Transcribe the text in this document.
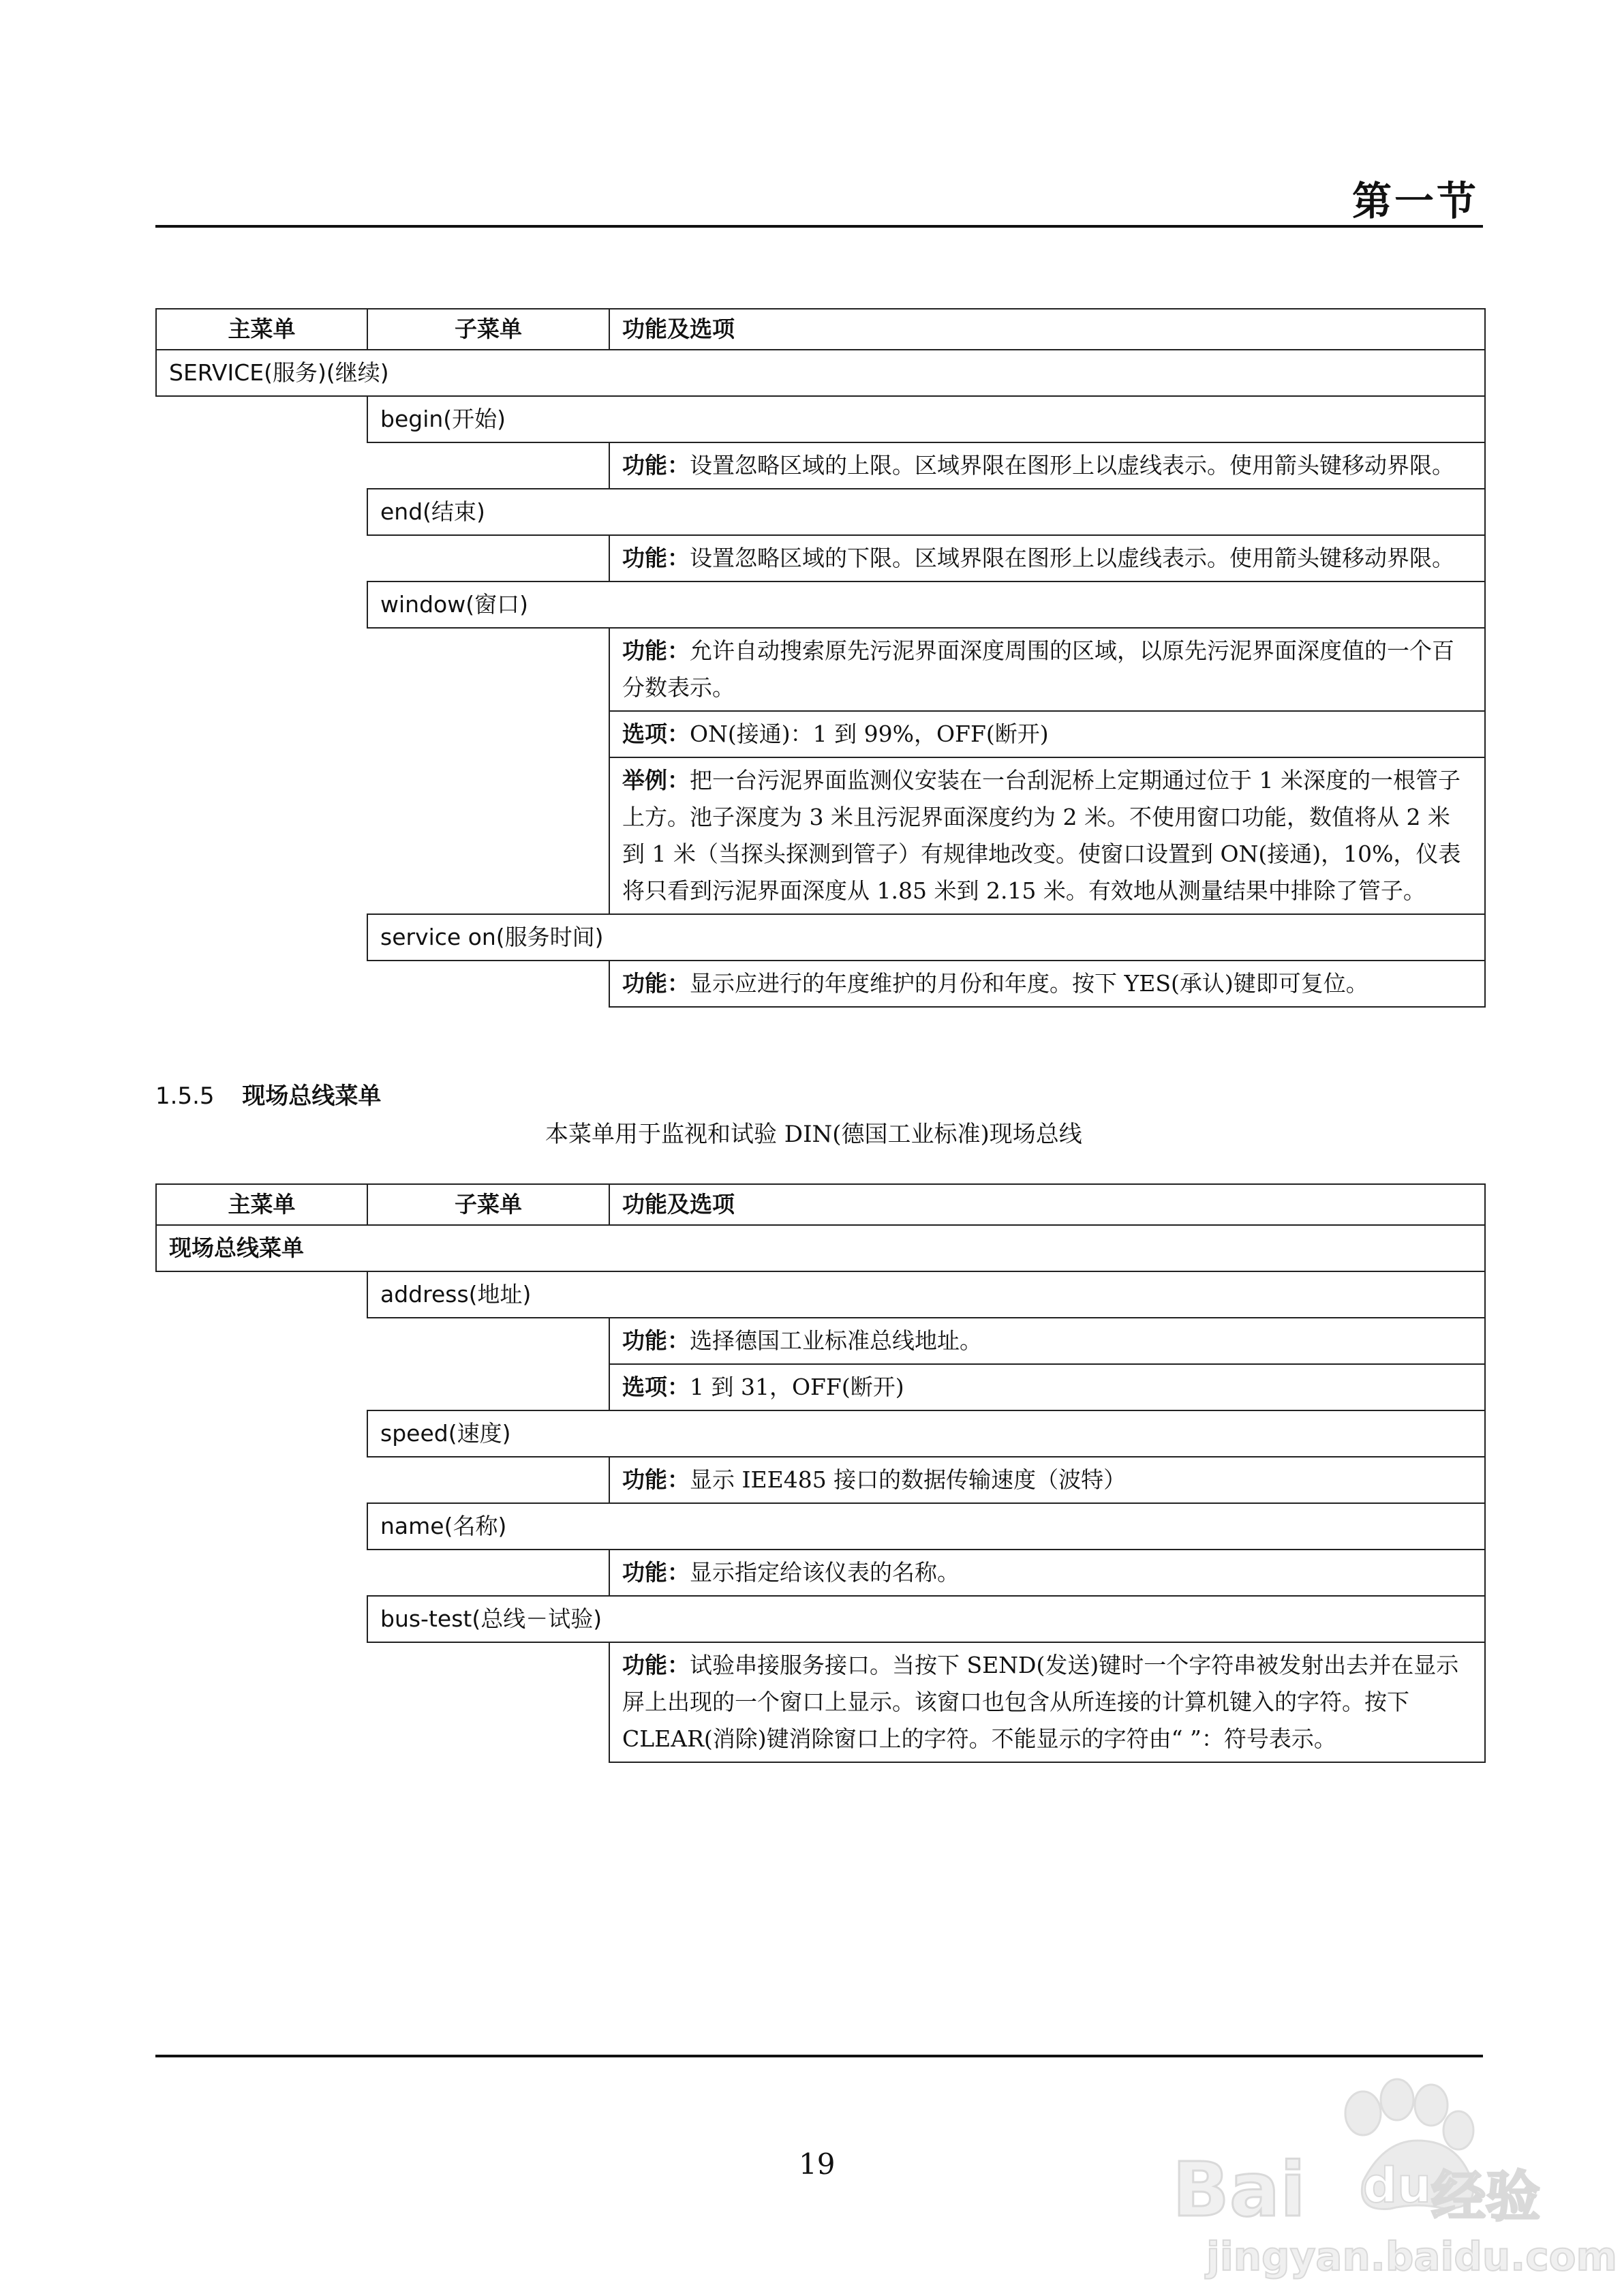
第一节
主菜单	子菜单	功能及选项
SERVICE(服务)(继续)		
	begin(开始)	
		功能：设置忽略区域的上限。区域界限在图形上以虚线表示。使用箭头键移动界限。
	end(结束)	
		功能：设置忽略区域的下限。区域界限在图形上以虚线表示。使用箭头键移动界限。
	window(窗口)	
		功能：允许自动搜索原先污泥界面深度周围的区域，以原先污泥界面深度值的一个百分数表示。
		选项：ON(接通)：1 到 99%，OFF(断开)
		举例：把一台污泥界面监测仪安装在一台刮泥桥上定期通过位于 1 米深度的一根管子上方。池子深度为 3 米且污泥界面深度约为 2 米。不使用窗口功能，数值将从 2 米到 1 米（当探头探测到管子）有规律地改变。使窗口设置到 ON(接通)，10%，仪表将只看到污泥界面深度从 1.85 米到 2.15 米。有效地从测量结果中排除了管子。
	service on(服务时间)	
		功能：显示应进行的年度维护的月份和年度。按下 YES(承认)键即可复位。
1.5.5 现场总线菜单
本菜单用于监视和试验 DIN(德国工业标准)现场总线
主菜单	子菜单	功能及选项
现场总线菜单		
	address(地址)	
		功能：选择德国工业标准总线地址。
		选项：1 到 31，OFF(断开)
	speed(速度)	
		功能：显示 IEE485 接口的数据传输速度（波特）
	name(名称)	
		功能：显示指定给该仪表的名称。
	bus-test(总线－试验)	
		功能：试验串接服务接口。当按下 SEND(发送)键时一个字符串被发射出去并在显示屏上出现的一个窗口上显示。该窗口也包含从所连接的计算机键入的字符。按下 CLEAR(消除)键消除窗口上的字符。不能显示的字符由“ ”：符号表示。
19	Bai du 经验
jingyan.baidu.com
